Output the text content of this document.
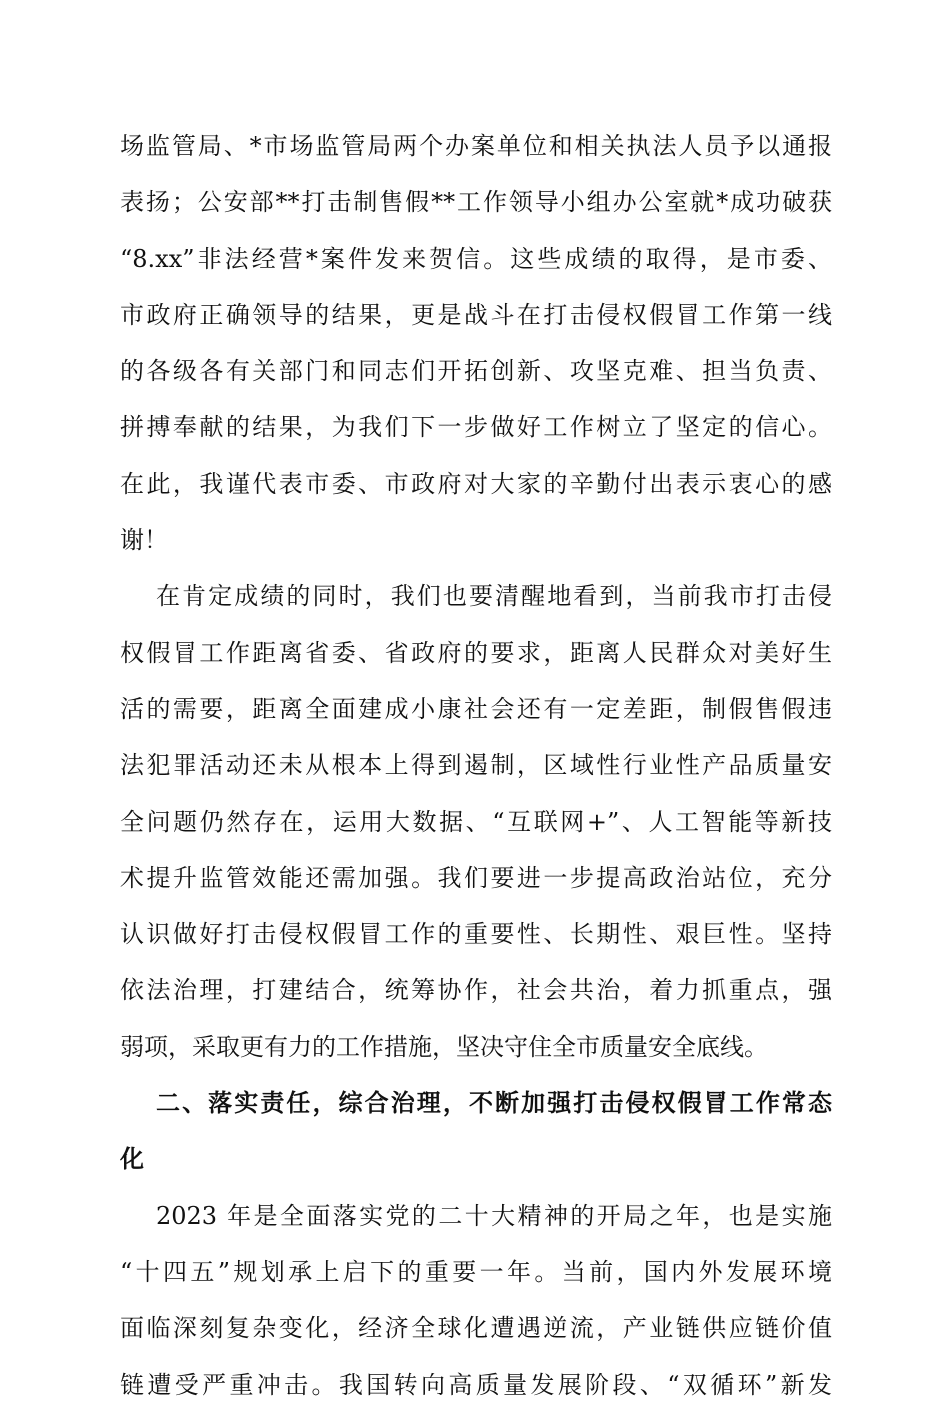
场监管局、*市场监管局两个办案单位和相关执法人员予以通报
表扬；公安部**打击制售假**工作领导小组办公室就*成功破获
“8.xx”非法经营*案件发来贺信。这些成绩的取得，是市委、
市政府正确领导的结果，更是战斗在打击侵权假冒工作第一线
的各级各有关部门和同志们开拓创新、攻坚克难、担当负责、
拼搏奉献的结果，为我们下一步做好工作树立了坚定的信心。
在此，我谨代表市委、市政府对大家的辛勤付出表示衷心的感
谢！
在肯定成绩的同时，我们也要清醒地看到，当前我市打击侵
权假冒工作距离省委、省政府的要求，距离人民群众对美好生
活的需要，距离全面建成小康社会还有一定差距，制假售假违
法犯罪活动还未从根本上得到遏制，区域性行业性产品质量安
全问题仍然存在，运用大数据、“互联网+”、人工智能等新技
术提升监管效能还需加强。我们要进一步提高政治站位，充分
认识做好打击侵权假冒工作的重要性、长期性、艰巨性。坚持
依法治理，打建结合，统筹协作，社会共治，着力抓重点，强
弱项，采取更有力的工作措施，坚决守住全市质量安全底线。
二、落实责任，综合治理，不断加强打击侵权假冒工作常态
化
2023 年是全面落实党的二十大精神的开局之年，也是实施
“十四五”规划承上启下的重要一年。当前，国内外发展环境
面临深刻复杂变化，经济全球化遭遇逆流，产业链供应链价值
链遭受严重冲击。我国转向高质量发展阶段、“双循环”新发
